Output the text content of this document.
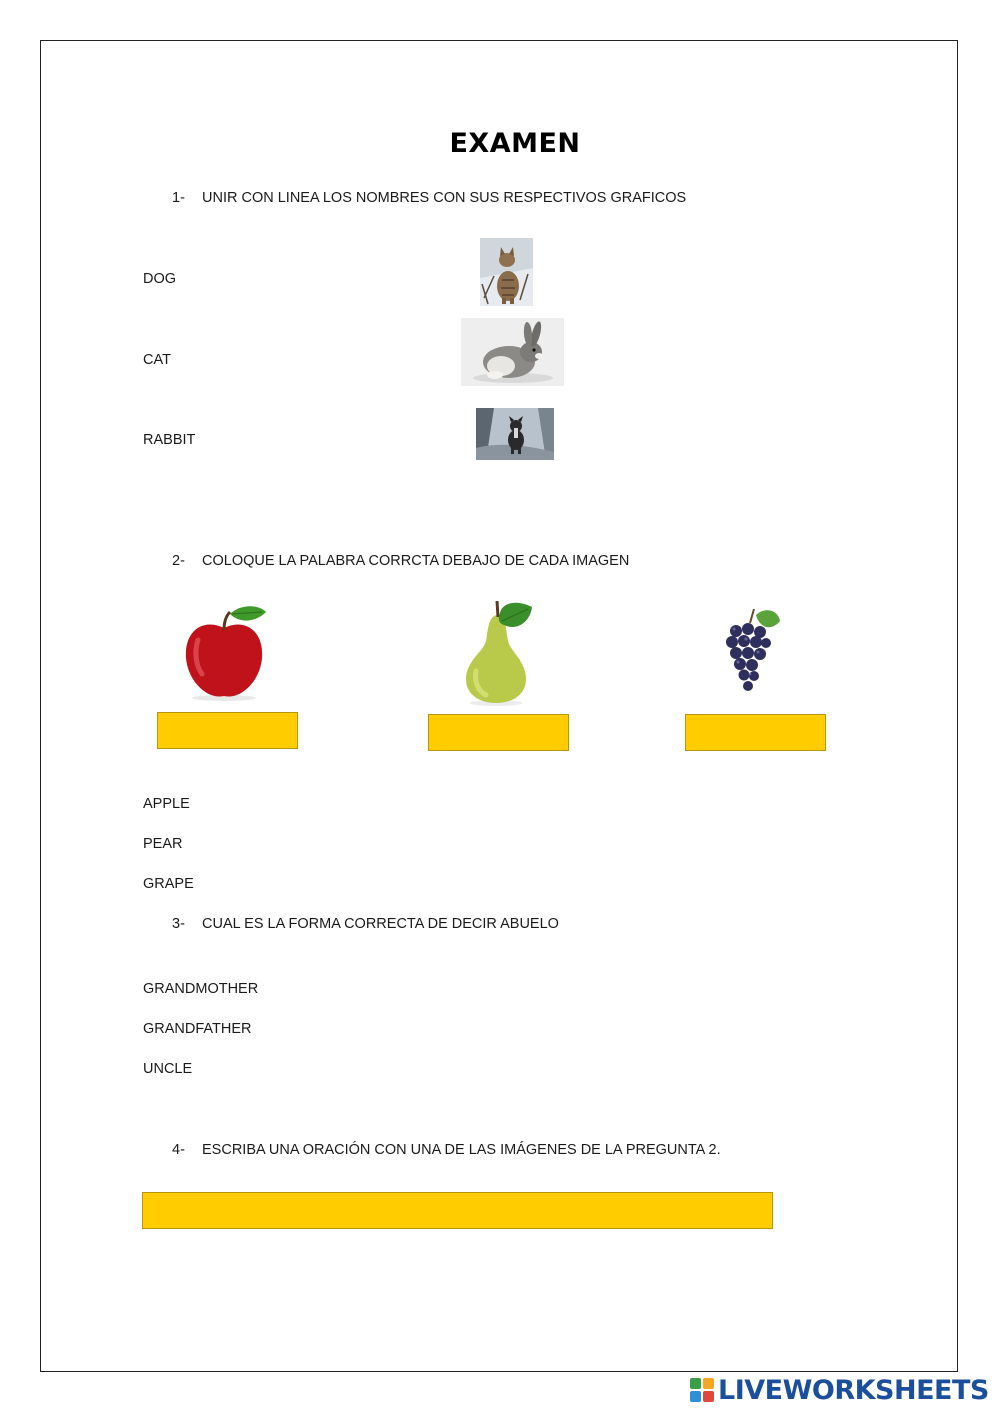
EXAMEN
1- UNIR CON LINEA LOS NOMBRES CON SUS RESPECTIVOS GRAFICOS
DOG
CAT
RABBIT
2- COLOQUE LA PALABRA CORRCTA DEBAJO DE CADA IMAGEN
APPLE
PEAR
GRAPE
3- CUAL ES LA FORMA CORRECTA DE DECIR ABUELO
GRANDMOTHER
GRANDFATHER
UNCLE
4- ESCRIBA UNA ORACIÓN CON UNA DE LAS IMÁGENES DE LA PREGUNTA 2.
LIVEWORKSHEETS
